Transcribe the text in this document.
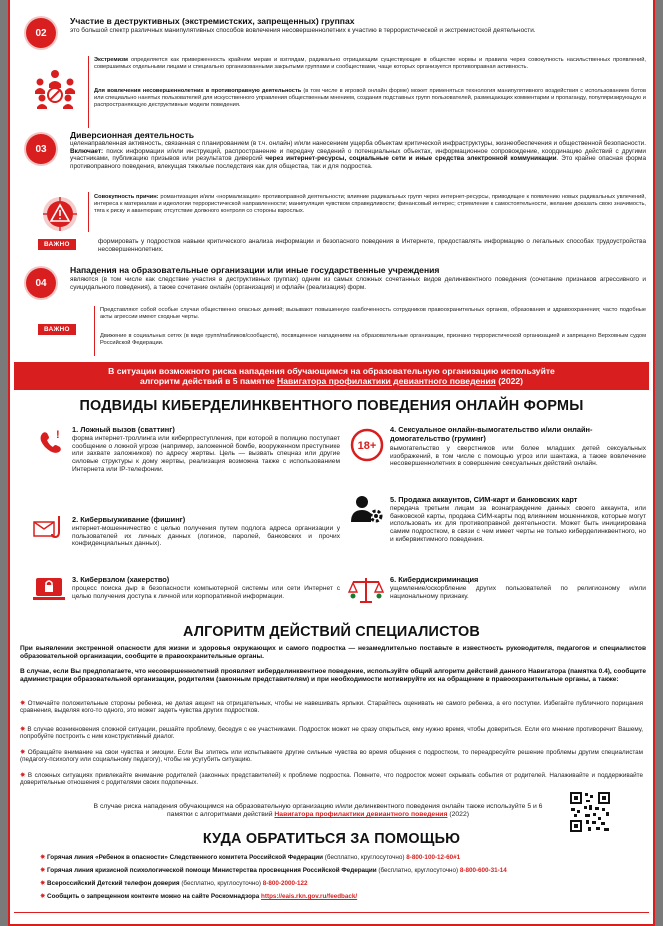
02
Участие в деструктивных (экстремистских, запрещенных) группах
это большой спектр различных манипулятивных способов вовлечения несовершеннолетних к участию в террористической и экстремистской деятельности.
Экстремизм определяется как приверженность крайним мерам и взглядам, радикально отрицающим существующие в обществе нормы и правила через совокупность насильственных проявлений, совершаемых отдельными лицами и специально организованными закрытыми группами и сообществами, чаще которых организуется противоправная активность.
Для вовлечения несовершеннолетних в противоправную деятельность (в том числе в игровой онлайн форме) может применяться технология манипулятивного воздействия с использованием ботов или специально нанятых пользователей для искусственного управления общественным мнением, создания подставных групп пользователей, размещающих комментарии и пропаганду, популяризирующую и распространяющую деструктивные модели поведения.
03
Диверсионная деятельность
целенаправленная активность, связанная с планированием (в т.ч. онлайн) и/или нанесением ущерба объектам критической инфраструктуры, жизнеобеспечения и общественной безопасности. Включает: поиск информации и/или инструкций, распространение и передачу сведений о потенциальных объектах, информационное сопровождение, координацию действий с другими участниками, публикацию призывов или результатов диверсий через интернет-ресурсы, социальные сети и иные средства электронной коммуникации. Это крайне опасная форма противоправного поведения, влекущая тяжелые последствия как для общества, так и для подростка.
Совокупность причин: романтизация и/или «нормализация» противоправной деятельности; влияние радикальных групп через интернет-ресурсы, приводящее к появлению новых радикальных увлечений, интереса к материалам и идеологии террористической направленности; манипуляция чувством справедливости; финансовый интерес; стремление к самостоятельности, желание доказать свою значимость, тяга к риску и авантюрам; отсутствие должного контроля со стороны взрослых.
ВАЖНО	формировать у подростков навыки критического анализа информации и безопасного поведения в Интернете, предоставлять информацию о легальных способах трудоустройства несовершеннолетних.
04
Нападения на образовательные организации или иные государственные учреждения
являются (в том числе как следствие участия в деструктивных группах) одним из самых сложных сочетанных видов делинквентного поведения (сочетание признаков агрессивного и суицидального поведения), а также сочетание онлайн (организация) и офлайн (реализация) форм.
ВАЖНО
Представляют собой особые случаи общественно опасных деяний; вызывают повышенную озабоченность сотрудников правоохранительных органов, образования и здравоохранения; часто подобные акты агрессии имеют сходные черты.
Движение в социальных сетях (в виде групп/пабликов/сообществ), посвященное нападениям на образовательные организации, признано террористической организацией и запрещено Верховным судом Российской Федерации.
В ситуации возможного риска нападения обучающимся на образовательную организацию используйте
алгоритм действий в 5 памятке Навигатора профилактики девиантного поведения (2022)
ПОДВИДЫ КИБЕРДЕЛИНКВЕНТНОГО ПОВЕДЕНИЯ ОНЛАЙН ФОРМЫ
! 1. Ложный вызов (сваттинг)
форма интернет-троллинга или киберпреступления, при которой в полицию поступает сообщение о ложной угрозе (например, заложенной бомбе, вооруженном преступнике или захвате заложников) по адресу жертвы. Цель — вызвать спецназ или другие силовые структуры к дому жертвы, реализация возможна также с использованием Интернета или IP-телефонии.
2. Кибервыуживание (фишинг)
интернет-мошенничество с целью получения путем подлога адреса организации у пользователей их личных данных (логинов, паролей, банковских и прочих конфиденциальных данных).
3. Кибервзлом (хакерство)
процесс поиска дыр в безопасности компьютерной системы или сети Интернет с целью получения доступа к личной или корпоративной информации.
18+
4. Сексуальное онлайн-вымогательство и/или онлайн-домогательство (груминг)
вымогательство у сверстников или более младших детей сексуальных изображений, в том числе с помощью угроз или шантажа, а также вовлечение несовершеннолетних в совершение сексуальных действий онлайн.
5. Продажа аккаунтов, СИМ-карт и банковских карт
передача третьим лицам за вознаграждение данных своего аккаунта, или банковской карты, продажа СИМ-карты под влиянием мошенников, которые могут использовать их для противоправной деятельности. Может быть инициирована самим подростком, в связи с чем имеет черты не только киберделинквентного, но и кибервиктимного поведения.
6. Кибердискриминация
ущемление/оскорбление других пользователей по религиозному и/или национальному признаку.
АЛГОРИТМ ДЕЙСТВИЙ СПЕЦИАЛИСТОВ
При выявлении экстренной опасности для жизни и здоровья окружающих и самого подростка — незамедлительно поставьте в известность руководителя, педагогов и специалистов образовательной организации, сообщите в правоохранительные органы.
В случае, если Вы предполагаете, что несовершеннолетний проявляет киберделинквентное поведение, используйте общий алгоритм действий данного Навигатора (памятка 0.4), сообщите администрации образовательной организации, родителям (законным представителям) и при необходимости мотивируйте их на обращение в правоохранительные органы, а также:
✷ Отмечайте положительные стороны ребенка, не делая акцент на отрицательных, чтобы не навешивать ярлыки. Старайтесь оценивать не самого ребенка, а его поступки. Избегайте публичного порицания сравнения, выделяя кого-то одного, это может задеть чувства других подростков.
✷ В случае возникновения сложной ситуации, решайте проблему, беседуя с ее участниками. Подросток может не сразу открыться, ему нужно время, чтобы довериться. Если его мнение противоречит Вашему, попробуйте построить с ним конструктивный диалог.
✷ Обращайте внимание на свои чувства и эмоции. Если Вы злитесь или испытываете другие сильные чувства во время общения с подростком, то переадресуйте решение проблемы другим специалистам (педагогу-психологу или социальному педагогу), чтобы не усугубить ситуацию.
✷ В сложных ситуациях привлекайте внимание родителей (законных представителей) к проблеме подростка. Помните, что подросток может скрывать события от родителей. Налаживайте и поддерживайте доверительные отношения с родителями своих подопечных.
В случае риска нападения обучающимся на образовательную организацию и/или делинквентного поведения онлайн также используйте 5 и 6 памятки с алгоритмами действий Навигатора профилактики девиантного поведения (2022)
КУДА ОБРАТИТЬСЯ ЗА ПОМОЩЬЮ
✷ Горячая линия «Ребенок в опасности» Следственного комитета Российской Федерации (бесплатно, круглосуточно) 8-800-100-12-60#1
✷ Горячая линия кризисной психологической помощи Министерства просвещения Российской Федерации (бесплатно, круглосуточно) 8-800-600-31-14
✷ Всероссийский Детский телефон доверия (бесплатно, круглосуточно) 8-800-2000-122
✷ Сообщить о запрещенном контенте можно на сайте Роскомнадзора https://eais.rkn.gov.ru/feedback/
